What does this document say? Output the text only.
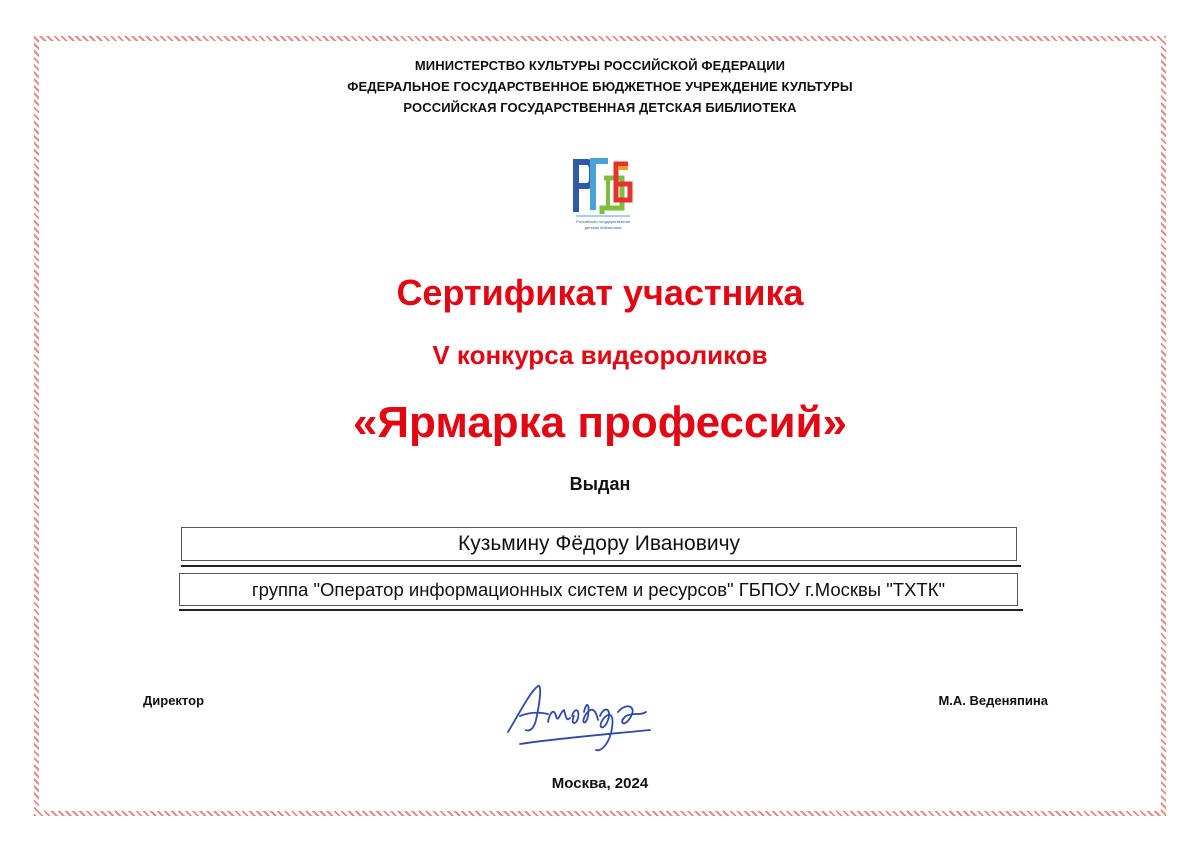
МИНИСТЕРСТВО КУЛЬТУРЫ РОССИЙСКОЙ ФЕДЕРАЦИИ
ФЕДЕРАЛЬНОЕ ГОСУДАРСТВЕННОЕ БЮДЖЕТНОЕ УЧРЕЖДЕНИЕ КУЛЬТУРЫ
РОССИЙСКАЯ ГОСУДАРСТВЕННАЯ ДЕТСКАЯ БИБЛИОТЕКА
Российская государственная
детская библиотека
Сертификат участника
V конкурса видеороликов
«Ярмарка профессий»
Выдан
Кузьмину Фёдору Ивановичу
группа "Оператор информационных систем и ресурсов" ГБПОУ г.Москвы "ТХТК"
Директор	М.А. Веденяпина
Москва, 2024
